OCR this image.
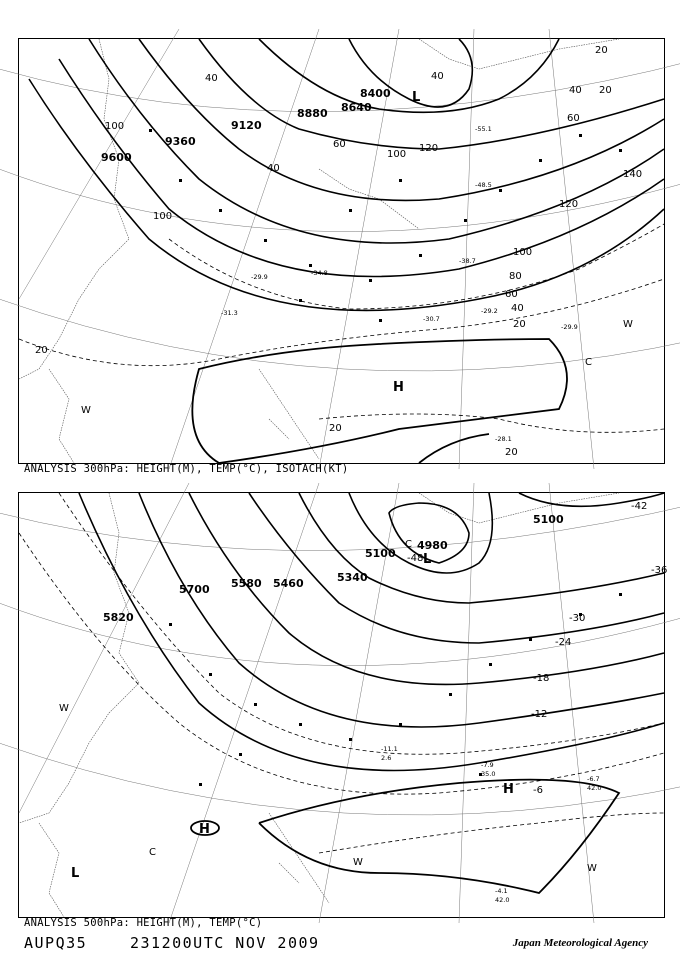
9600
9360
9120
8880 8640
8400
100
100
40
40
60
100
120
140
120
100
80
60
40
20
20
20
20
20
40
40 20
60
-29.9
-31.3
-34.8
-30.7
-29.2
-28.1
-38.7
-48.5
-55.1
-29.9
H
L
C
W
W
ANALYSIS 300hPa: HEIGHT(M), TEMP(°C), ISOTACH(KT)
5820
5700 5580 5460	5340
5100
4980
5100
-42
-36
-30
-24
-18
-12
-6
-48
-7.9
35.0
-4.1
42.0
-6.7
42.0
-11.1
2.6
H
H
L
L
C
C
W
W
W
ANALYSIS 500hPa: HEIGHT(M), TEMP(°C)
AUPQ35	231200UTC NOV 2009	Japan Meteorological Agency
